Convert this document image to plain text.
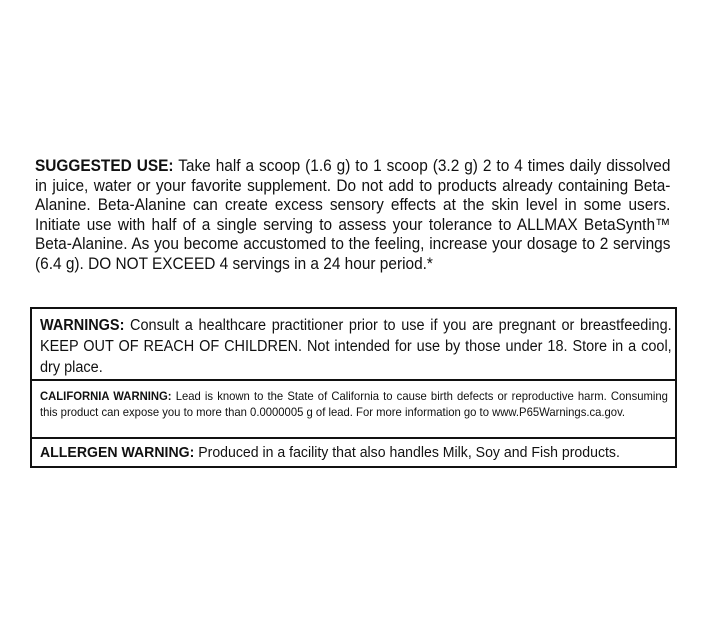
SUGGESTED USE: Take half a scoop (1.6 g) to 1 scoop (3.2 g) 2 to 4 times daily dissolved in juice, water or your favorite supplement. Do not add to products already containing Beta-Alanine. Beta-Alanine can create excess sensory effects at the skin level in some users. Initiate use with half of a single serving to assess your tolerance to ALLMAX BetaSynth™ Beta-Alanine. As you become accustomed to the feeling, increase your dosage to 2 servings (6.4 g). DO NOT EXCEED 4 servings in a 24 hour period.*
WARNINGS: Consult a healthcare practitioner prior to use if you are pregnant or breastfeeding. KEEP OUT OF REACH OF CHILDREN. Not intended for use by those under 18. Store in a cool, dry place.
CALIFORNIA WARNING: Lead is known to the State of California to cause birth defects or reproductive harm. Consuming this product can expose you to more than 0.0000005 g of lead. For more information go to www.P65Warnings.ca.gov.
ALLERGEN WARNING: Produced in a facility that also handles Milk, Soy and Fish products.
